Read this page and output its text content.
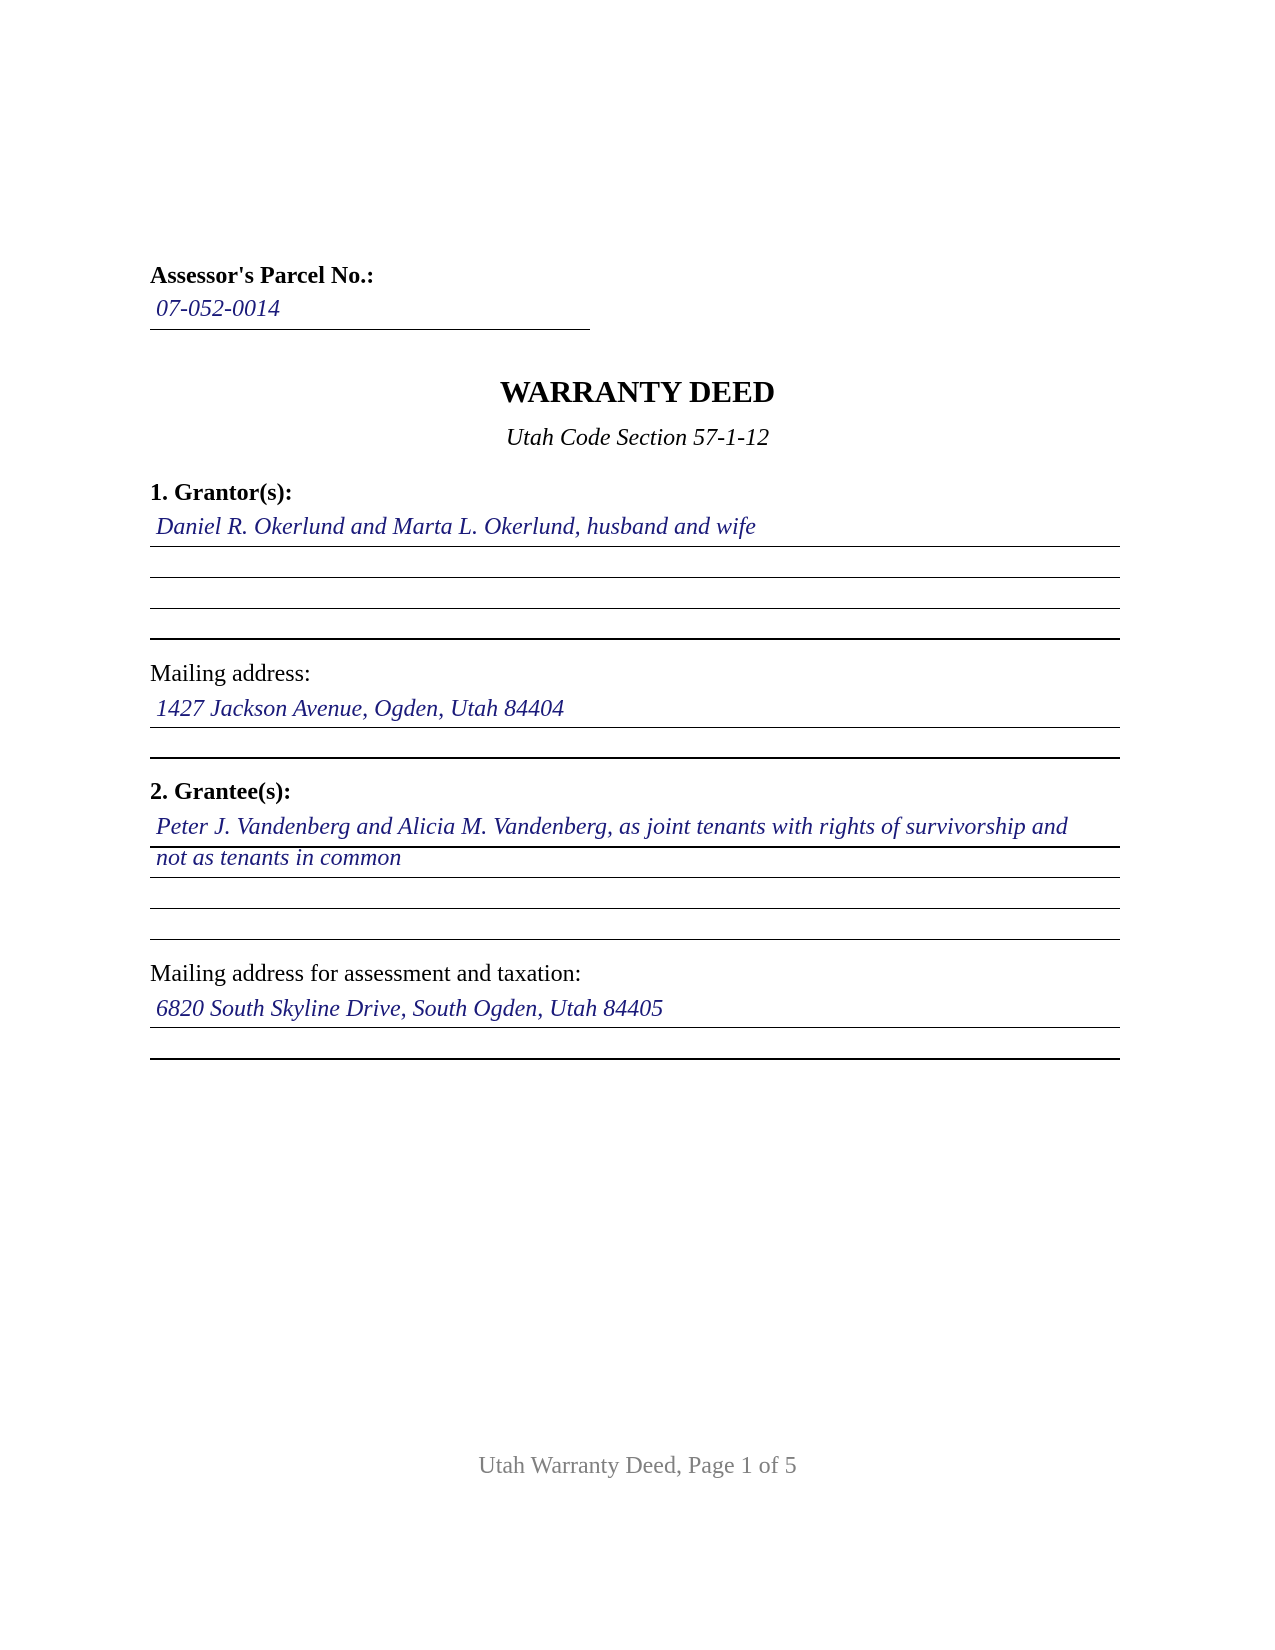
Assessor's Parcel No.:
07-052-0014
WARRANTY DEED
Utah Code Section 57-1-12
1. Grantor(s):
Daniel R. Okerlund and Marta L. Okerlund, husband and wife
Mailing address:
1427 Jackson Avenue, Ogden, Utah 84404
2. Grantee(s):
Peter J. Vandenberg and Alicia M. Vandenberg, as joint tenants with rights of survivorship and
not as tenants in common
Mailing address for assessment and taxation:
6820 South Skyline Drive, South Ogden, Utah 84405
Utah Warranty Deed, Page 1 of 5
